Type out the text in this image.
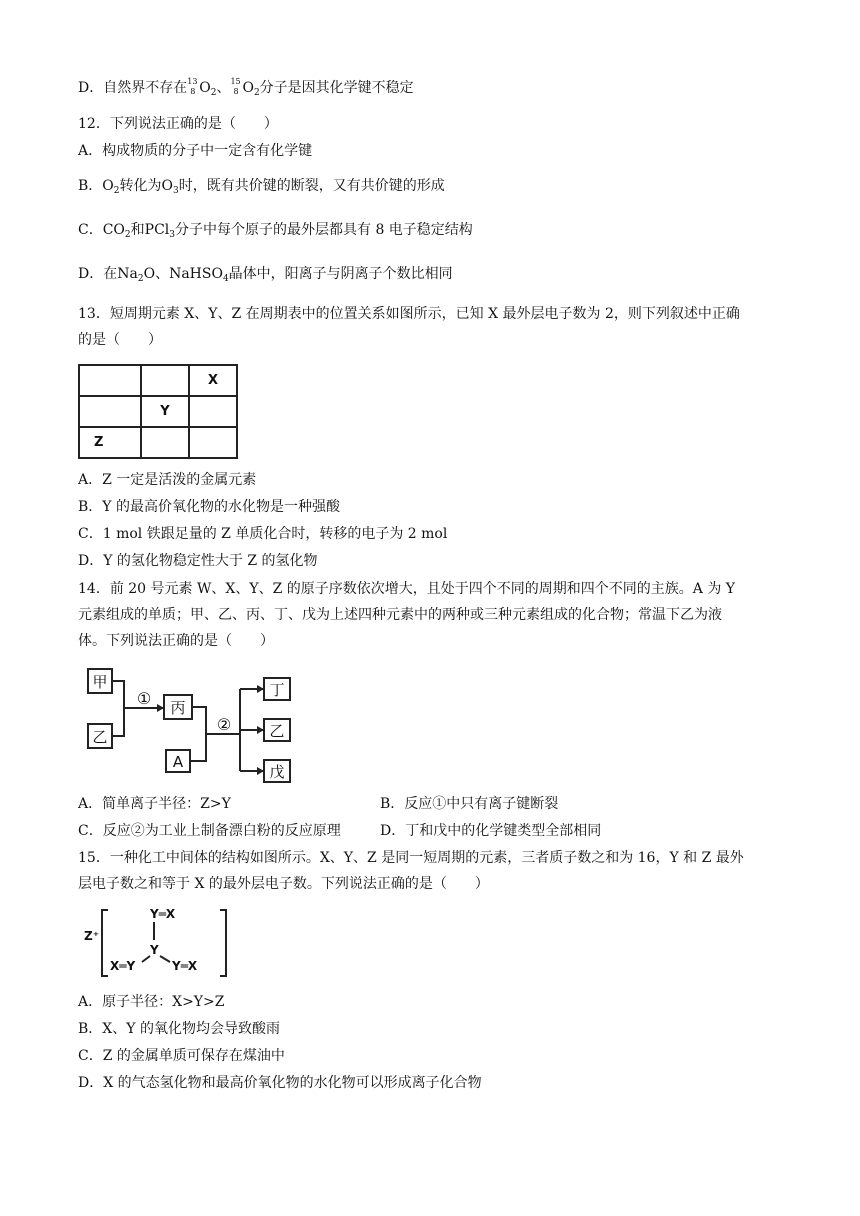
D．自然界不存在 13
8 $O_2$、 15
8 $O_2$分子是因其化学键不稳定
12．下列说法正确的是（　　）
A．构成物质的分子中一定含有化学键
B．$O_2$转化为$O_3$时，既有共价键的断裂，又有共价键的形成
C．$CO_2$和PCl$_3$分子中每个原子的最外层都具有 8 电子稳定结构
D．在$Na_2O$、NaHSO$_4$晶体中，阳离子与阴离子个数比相同
13．短周期元素 X、Y、Z 在周期表中的位置关系如图所示，已知 X 最外层电子数为 2，则下列叙述中正确
的是（　　）
		X
	Y	
Z		
A．Z 一定是活泼的金属元素
B．Y 的最高价氧化物的水化物是一种强酸
C．1 mol 铁跟足量的 Z 单质化合时，转移的电子为 2 mol
D．Y 的氢化物稳定性大于 Z 的氢化物
14．前 20 号元素 W、X、Y、Z 的原子序数依次增大，且处于四个不同的周期和四个不同的主族。A 为 Y
元素组成的单质；甲、乙、丙、丁、戊为上述四种元素中的两种或三种元素组成的化合物；常温下乙为液
体。下列说法正确的是（　　）
甲
乙
丙
A
丁
乙
戊
①
②
A．简单离子半径：Z>Y	B．反应①中只有离子键断裂
C．反应②为工业上制备漂白粉的反应原理	D．丁和戊中的化学键类型全部相同
15．一种化工中间体的结构如图所示。X、Y、Z 是同一短周期的元素，三者质子数之和为 16，Y 和 Z 最外
层电子数之和等于 X 的最外层电子数。下列说法正确的是（　　）
Z⁺
Y═X
Y
X═Y	Y═X
A．原子半径：X>Y>Z
B．X、Y 的氧化物均会导致酸雨
C．Z 的金属单质可保存在煤油中
D．X 的气态氢化物和最高价氧化物的水化物可以形成离子化合物
